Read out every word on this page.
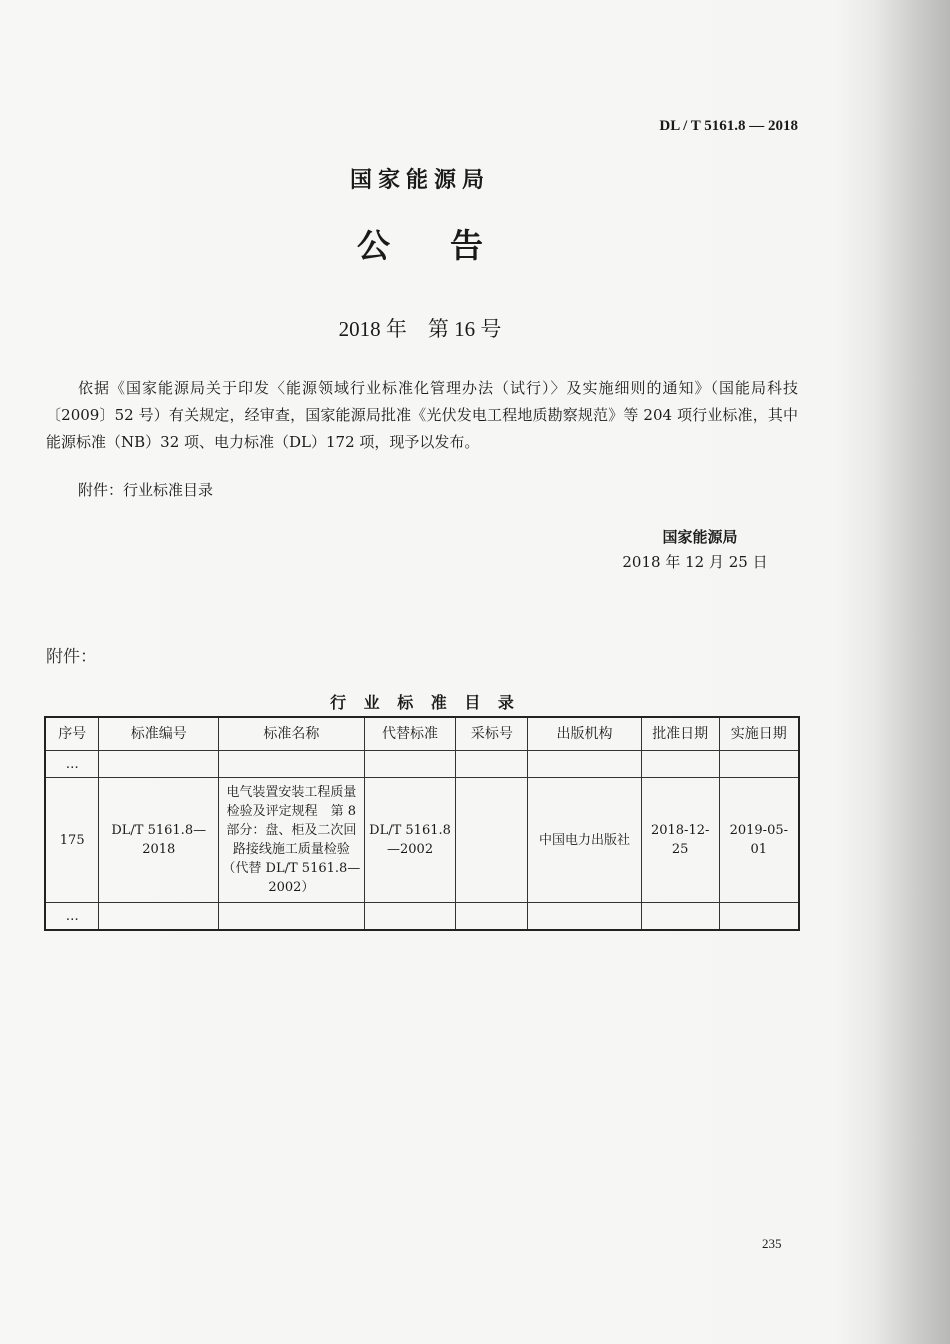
DL / T 5161.8 — 2018
国家能源局
公告
2018 年　第 16 号
依据《国家能源局关于印发〈能源领域行业标准化管理办法（试行）〉及实施细则的通知》（国能局科技〔2009〕52 号）有关规定，经审查，国家能源局批准《光伏发电工程地质勘察规范》等 204 项行业标准，其中能源标准（NB）32 项、电力标准（DL）172 项，现予以发布。
附件：行业标准目录
国家能源局
2018 年 12 月 25 日
附件：
行 业 标 准 目 录
序号	标准编号	标准名称	代替标准	采标号	出版机构	批准日期	实施日期
…							
175	DL/T 5161.8—2018	电气装置安装工程质量检验及评定规程　第 8 部分：盘、柜及二次回路接线施工质量检验（代替 DL/T 5161.8—2002）	DL/T 5161.8—2002		中国电力出版社	2018-12-25	2019-05-01
…							
235
